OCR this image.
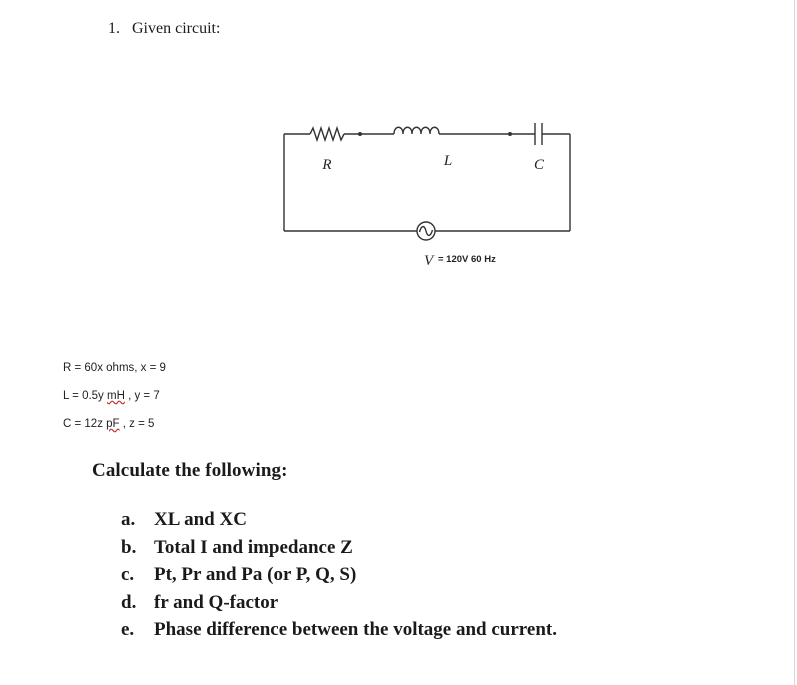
1. Given circuit:
R	L	C
V = 120V 60 Hz
R = 60x ohms, x = 9
L = 0.5y mH , y = 7
C = 12z pF , z = 5
Calculate the following:
a. XL and XC
b. Total I and impedance Z
c. Pt, Pr and Pa (or P, Q, S)
d. fr and Q-factor
e. Phase difference between the voltage and current.
